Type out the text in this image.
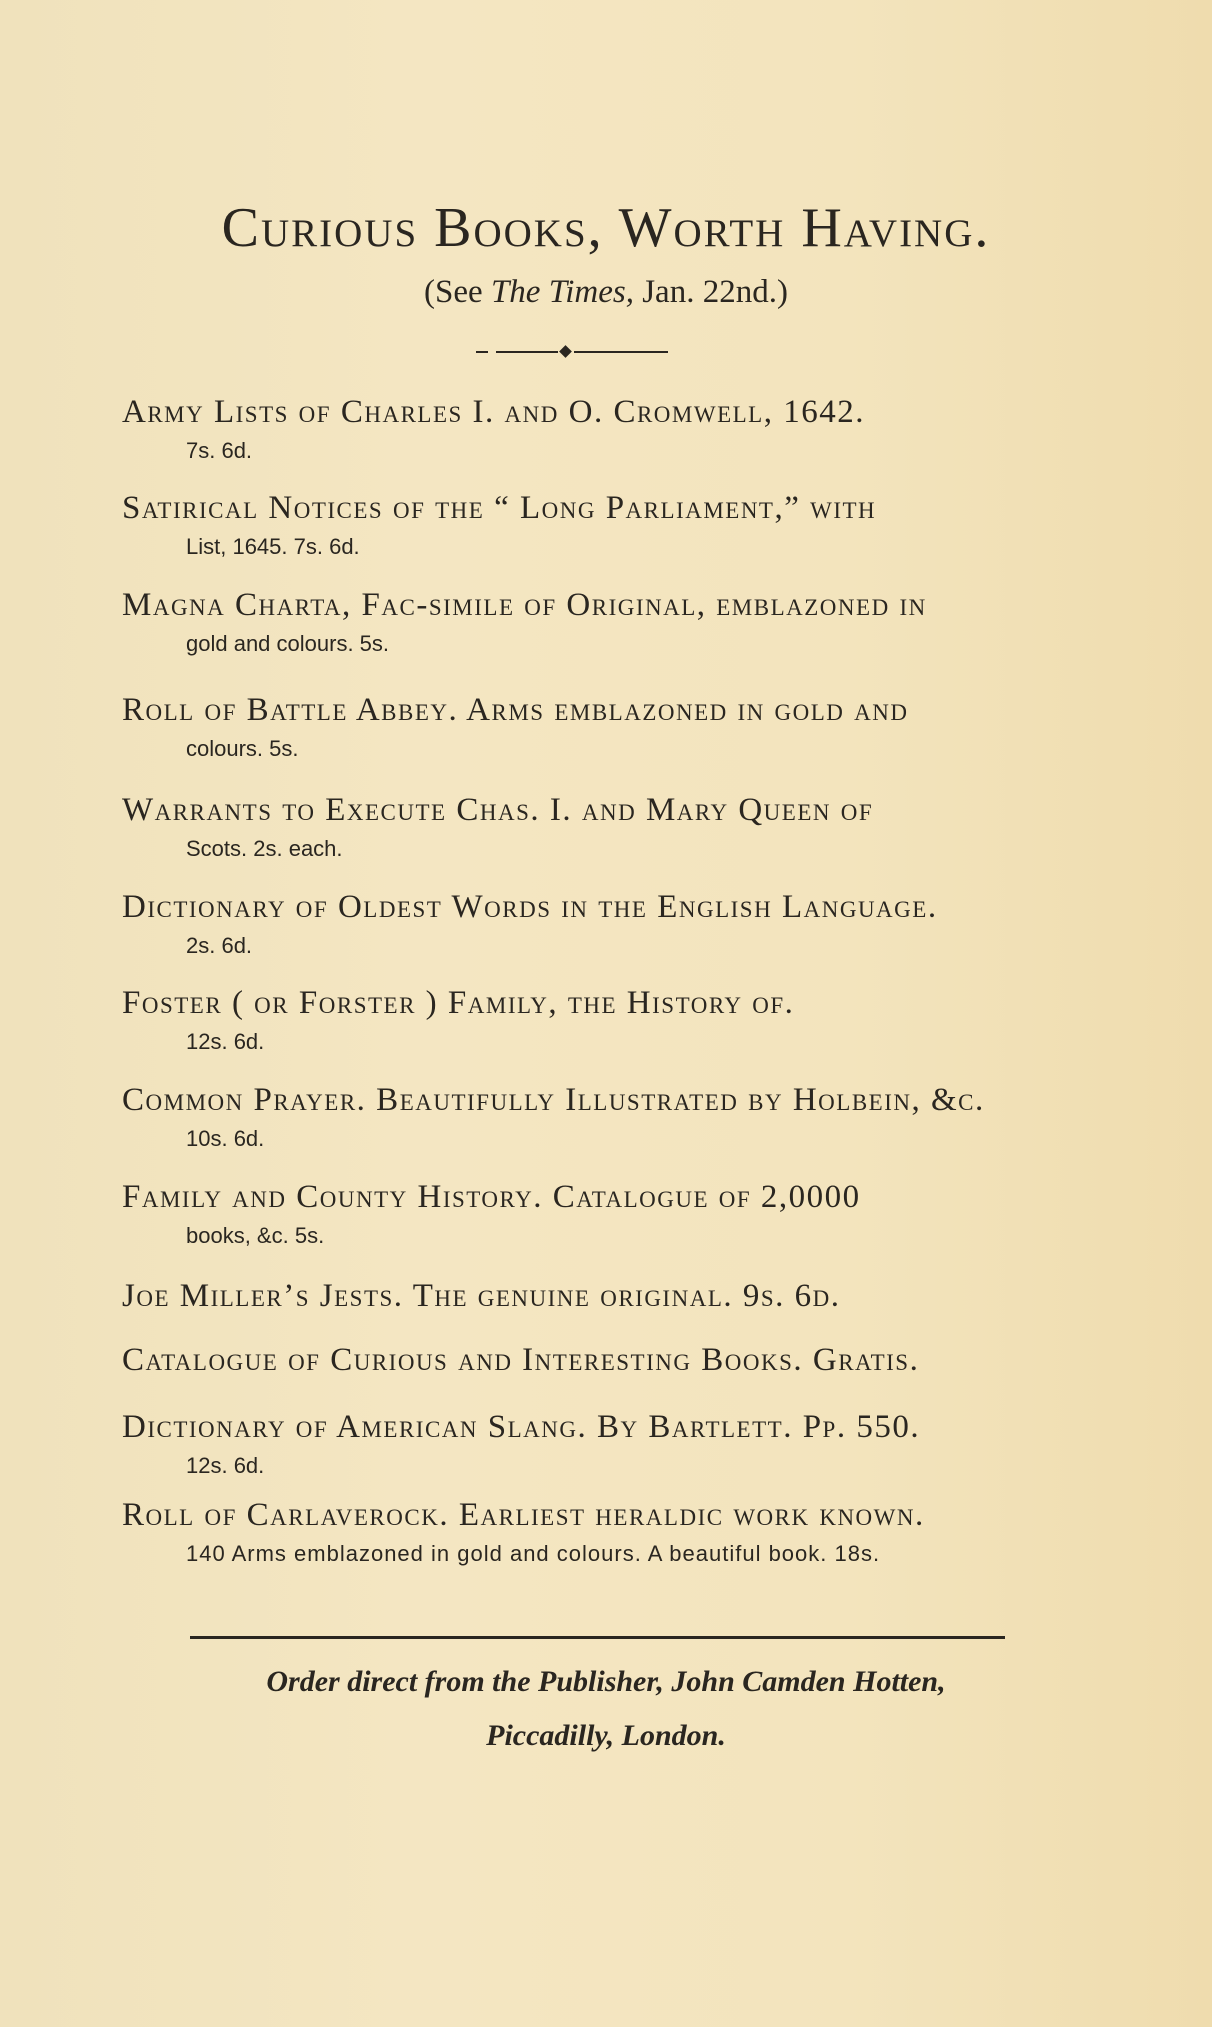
Curious Books, Worth Having.

(See The Times, Jan. 22nd.)

Army Lists of Charles I. and O. Cromwell, 1642.
7s. 6d.
Satirical Notices of the “ Long Parliament,” with
List, 1645. 7s. 6d.
Magna Charta, Fac-simile of Original, emblazoned in
gold and colours. 5s.
Roll of Battle Abbey. Arms emblazoned in gold and
colours. 5s.
Warrants to Execute Chas. I. and Mary Queen of
Scots. 2s. each.
Dictionary of Oldest Words in the English Language.
2s. 6d.
Foster ( or Forster ) Family, the History of.
12s. 6d.
Common Prayer. Beautifully Illustrated by Holbein, &c.
10s. 6d.
Family and County History. Catalogue of 2,0000
books, &c. 5s.
Joe Miller’s Jests. The genuine original. 9s. 6d.
Catalogue of Curious and Interesting Books. Gratis.
Dictionary of American Slang. By Bartlett. Pp. 550.
12s. 6d.
Roll of Carlaverock. Earliest heraldic work known.
140 Arms emblazoned in gold and colours. A beautiful book. 18s.
Order direct from the Publisher, John Camden Hotten,
Piccadilly, London.
